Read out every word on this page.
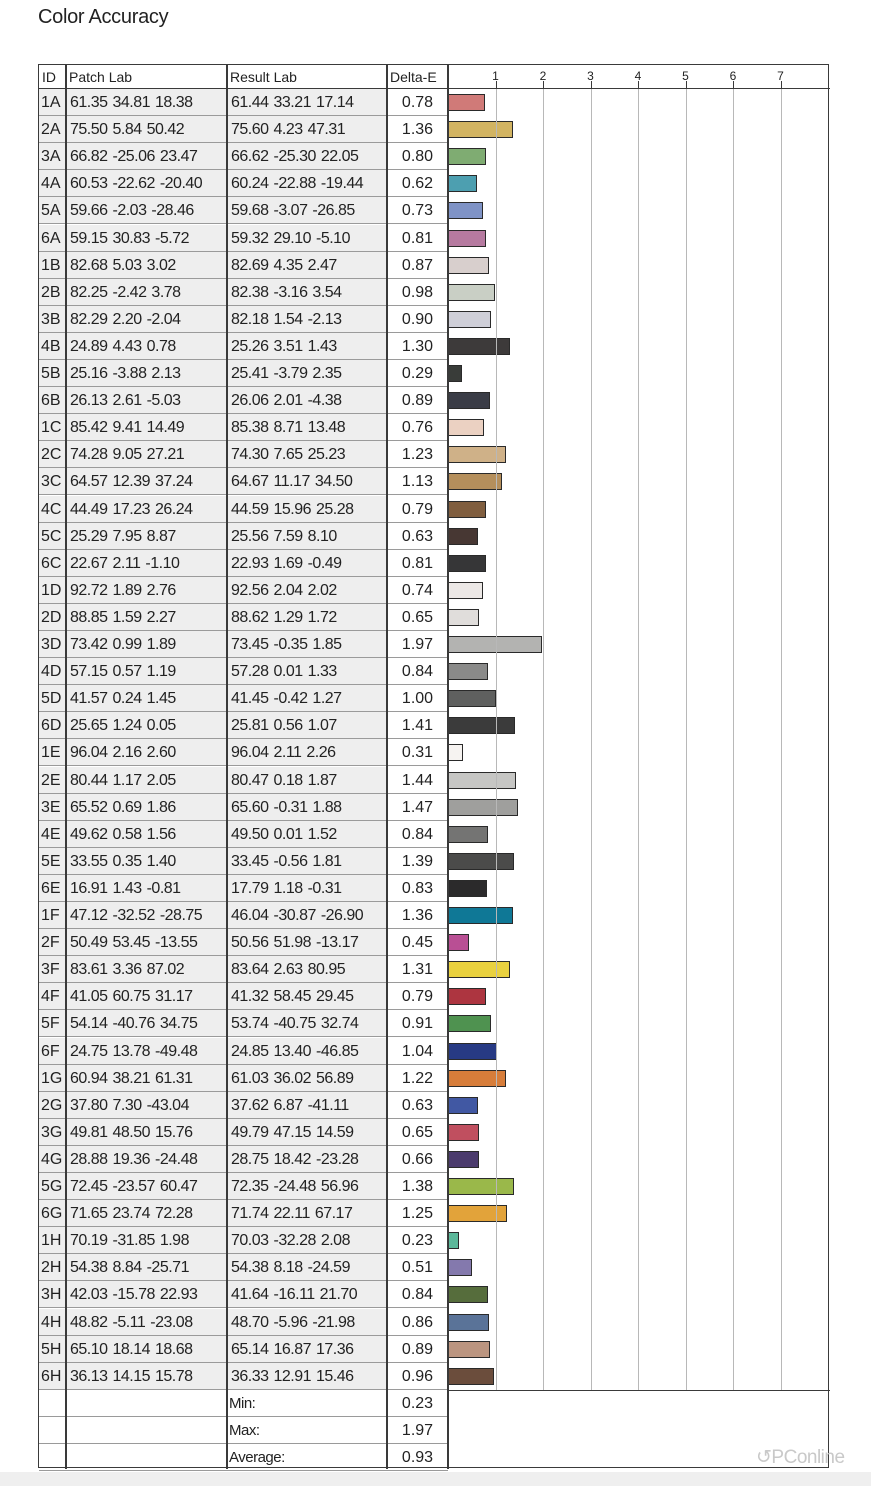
Color Accuracy
ID Patch Lab	Result Lab	Delta-E
1A 61.35 34.81 18.38	61.44 33.21 17.14	0.78
2A 75.50 5.84 50.42	75.60 4.23 47.31	1.36
3A 66.82 -25.06 23.47	66.62 -25.30 22.05	0.80
4A 60.53 -22.62 -20.40	60.24 -22.88 -19.44	0.62
5A 59.66 -2.03 -28.46	59.68 -3.07 -26.85	0.73
6A 59.15 30.83 -5.72	59.32 29.10 -5.10	0.81
1B 82.68 5.03 3.02	82.69 4.35 2.47	0.87
2B 82.25 -2.42 3.78	82.38 -3.16 3.54	0.98
3B 82.29 2.20 -2.04	82.18 1.54 -2.13	0.90
4B 24.89 4.43 0.78	25.26 3.51 1.43	1.30
5B 25.16 -3.88 2.13	25.41 -3.79 2.35	0.29
6B 26.13 2.61 -5.03	26.06 2.01 -4.38	0.89
1C 85.42 9.41 14.49	85.38 8.71 13.48	0.76
2C 74.28 9.05 27.21	74.30 7.65 25.23	1.23
3C 64.57 12.39 37.24	64.67 11.17 34.50	1.13
4C 44.49 17.23 26.24	44.59 15.96 25.28	0.79
5C 25.29 7.95 8.87	25.56 7.59 8.10	0.63
6C 22.67 2.11 -1.10	22.93 1.69 -0.49	0.81
1D 92.72 1.89 2.76	92.56 2.04 2.02	0.74
2D 88.85 1.59 2.27	88.62 1.29 1.72	0.65
3D 73.42 0.99 1.89	73.45 -0.35 1.85	1.97
4D 57.15 0.57 1.19	57.28 0.01 1.33	0.84
5D 41.57 0.24 1.45	41.45 -0.42 1.27	1.00
6D 25.65 1.24 0.05	25.81 0.56 1.07	1.41
1E 96.04 2.16 2.60	96.04 2.11 2.26	0.31
2E 80.44 1.17 2.05	80.47 0.18 1.87	1.44
3E 65.52 0.69 1.86	65.60 -0.31 1.88	1.47
4E 49.62 0.58 1.56	49.50 0.01 1.52	0.84
5E 33.55 0.35 1.40	33.45 -0.56 1.81	1.39
6E 16.91 1.43 -0.81	17.79 1.18 -0.31	0.83
1F 47.12 -32.52 -28.75	46.04 -30.87 -26.90	1.36
2F 50.49 53.45 -13.55	50.56 51.98 -13.17	0.45
3F 83.61 3.36 87.02	83.64 2.63 80.95	1.31
4F 41.05 60.75 31.17	41.32 58.45 29.45	0.79
5F 54.14 -40.76 34.75	53.74 -40.75 32.74	0.91
6F 24.75 13.78 -49.48	24.85 13.40 -46.85	1.04
1G 60.94 38.21 61.31	61.03 36.02 56.89	1.22
2G 37.80 7.30 -43.04	37.62 6.87 -41.11	0.63
3G 49.81 48.50 15.76	49.79 47.15 14.59	0.65
4G 28.88 19.36 -24.48	28.75 18.42 -23.28	0.66
5G 72.45 -23.57 60.47	72.35 -24.48 56.96	1.38
6G 71.65 23.74 72.28	71.74 22.11 67.17	1.25
1H 70.19 -31.85 1.98	70.03 -32.28 2.08	0.23
2H 54.38 8.84 -25.71	54.38 8.18 -24.59	0.51
3H 42.03 -15.78 22.93	41.64 -16.11 21.70	0.84
4H 48.82 -5.11 -23.08	48.70 -5.96 -21.98	0.86
5H 65.10 18.14 18.68	65.14 16.87 17.36	0.89
6H 36.13 14.15 15.78	36.33 12.91 15.46	0.96
Min:	0.23
Max:	1.97
Average:	0.93
1	2	3	4	5	6	7
↺PConline
